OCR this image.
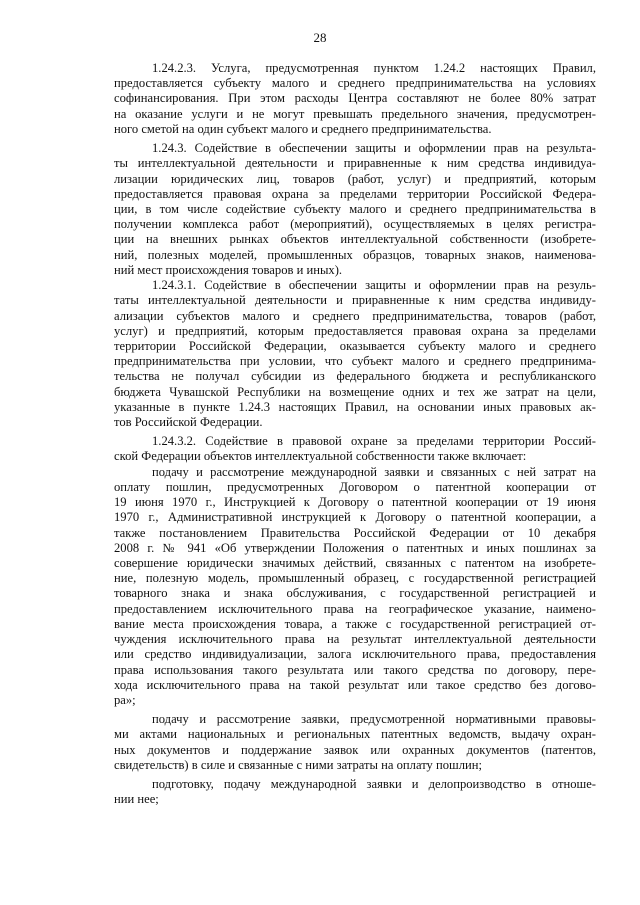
28
1.24.2.3. Услуга, предусмотренная пунктом 1.24.2 настоящих Правил,
предоставляется субъекту малого и среднего предпринимательства на условиях
софинансирования. При этом расходы Центра составляют не более 80% затрат
на оказание услуги и не могут превышать предельного значения, предусмотрен-
ного сметой на один субъект малого и среднего предпринимательства.
1.24.3. Содействие в обеспечении защиты и оформлении прав на результа-
ты интеллектуальной деятельности и приравненные к ним средства индивидуа-
лизации юридических лиц, товаров (работ, услуг) и предприятий, которым
предоставляется правовая охрана за пределами территории Российской Федера-
ции, в том числе содействие субъекту малого и среднего предпринимательства в
получении комплекса работ (мероприятий), осуществляемых в целях регистра-
ции на внешних рынках объектов интеллектуальной собственности (изобрете-
ний, полезных моделей, промышленных образцов, товарных знаков, наименова-
ний мест происхождения товаров и иных).
1.24.3.1. Содействие в обеспечении защиты и оформлении прав на резуль-
таты интеллектуальной деятельности и приравненные к ним средства индивиду-
ализации субъектов малого и среднего предпринимательства, товаров (работ,
услуг) и предприятий, которым предоставляется правовая охрана за пределами
территории Российской Федерации, оказывается субъекту малого и среднего
предпринимательства при условии, что субъект малого и среднего предпринима-
тельства не получал субсидии из федерального бюджета и республиканского
бюджета Чувашской Республики на возмещение одних и тех же затрат на цели,
указанные в пункте 1.24.3 настоящих Правил, на основании иных правовых ак-
тов Российской Федерации.
1.24.3.2. Содействие в правовой охране за пределами территории Россий-
ской Федерации объектов интеллектуальной собственности также включает:
подачу и рассмотрение международной заявки и связанных с ней затрат на
оплату пошлин, предусмотренных Договором о патентной кооперации от
19 июня 1970 г., Инструкцией к Договору о патентной кооперации от 19 июня
1970 г., Административной инструкцией к Договору о патентной кооперации, а
также постановлением Правительства Российской Федерации от 10 декабря
2008 г. № 941 «Об утверждении Положения о патентных и иных пошлинах за
совершение юридически значимых действий, связанных с патентом на изобрете-
ние, полезную модель, промышленный образец, с государственной регистрацией
товарного знака и знака обслуживания, с государственной регистрацией и
предоставлением исключительного права на географическое указание, наимено-
вание места происхождения товара, а также с государственной регистрацией от-
чуждения исключительного права на результат интеллектуальной деятельности
или средство индивидуализации, залога исключительного права, предоставления
права использования такого результата или такого средства по договору, пере-
хода исключительного права на такой результат или такое средство без догово-
ра»;
подачу и рассмотрение заявки, предусмотренной нормативными правовы-
ми актами национальных и региональных патентных ведомств, выдачу охран-
ных документов и поддержание заявок или охранных документов (патентов,
свидетельств) в силе и связанные с ними затраты на оплату пошлин;
подготовку, подачу международной заявки и делопроизводство в отноше-
нии нее;
